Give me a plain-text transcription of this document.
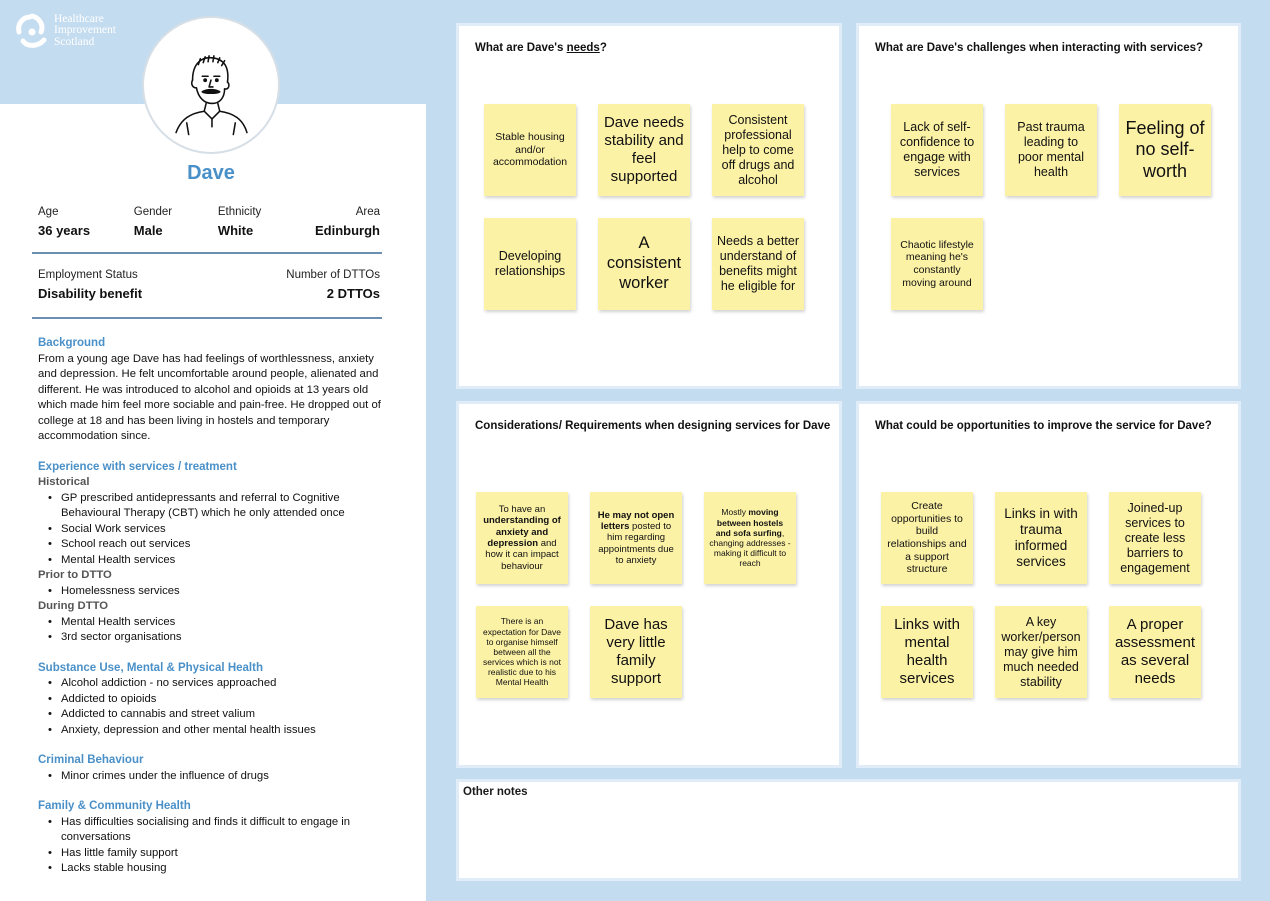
Healthcare
Improvement
Scotland
Dave
Age
36 years
Gender
Male
Ethnicity
White
Area
Edinburgh
Employment Status
Disability benefit
Number of DTTOs
2 DTTOs
Background

From a young age Dave has had feelings of worthlessness, anxiety and depression. He felt uncomfortable around people, alienated and different. He was introduced to alcohol and opioids at 13 years old which made him feel more sociable and pain-free. He dropped out of college at 18 and has been living in hostels and temporary accommodation since.

Experience with services / treatment
Historical
• GP prescribed antidepressants and referral to Cognitive Behavioural Therapy (CBT) which he only attended once
• Social Work services
• School reach out services
• Mental Health services
Prior to DTTO
• Homelessness services
During DTTO
• Mental Health services
• 3rd sector organisations
Substance Use, Mental & Physical Health
• Alcohol addiction - no services approached
• Addicted to opioids
• Addicted to cannabis and street valium
• Anxiety, depression and other mental health issues
Criminal Behaviour
• Minor crimes under the influence of drugs
Family & Community Health
• Has difficulties socialising and finds it difficult to engage in conversations
• Has little family support
• Lacks stable housing
What are Dave's needs?
Stable housing and/or accommodation
Dave needs stability and feel supported
Consistent professional help to come off drugs and alcohol
Developing relationships
A consistent worker
Needs a better understand of benefits might he eligible for
What are Dave's challenges when interacting with services?
Lack of self-confidence to engage with services
Past trauma leading to poor mental health
Feeling of no self-worth
Chaotic lifestyle meaning he's constantly moving around
Considerations/ Requirements when designing services for Dave
To have an understanding of anxiety and depression and how it can impact behaviour
He may not open letters posted to him regarding appointments due to anxiety
Mostly moving between hostels and sofa surfing, changing addresses - making it difficult to reach
There is an expectation for Dave to organise himself between all the services which is not realistic due to his Mental Health
Dave has very little family support
What could be opportunities to improve the service for Dave?
Create opportunities to build relationships and a support structure
Links in with trauma informed services
Joined-up services to create less barriers to engagement
Links with mental health services
A key worker/person may give him much needed stability
A proper assessment as several needs
Other notes
